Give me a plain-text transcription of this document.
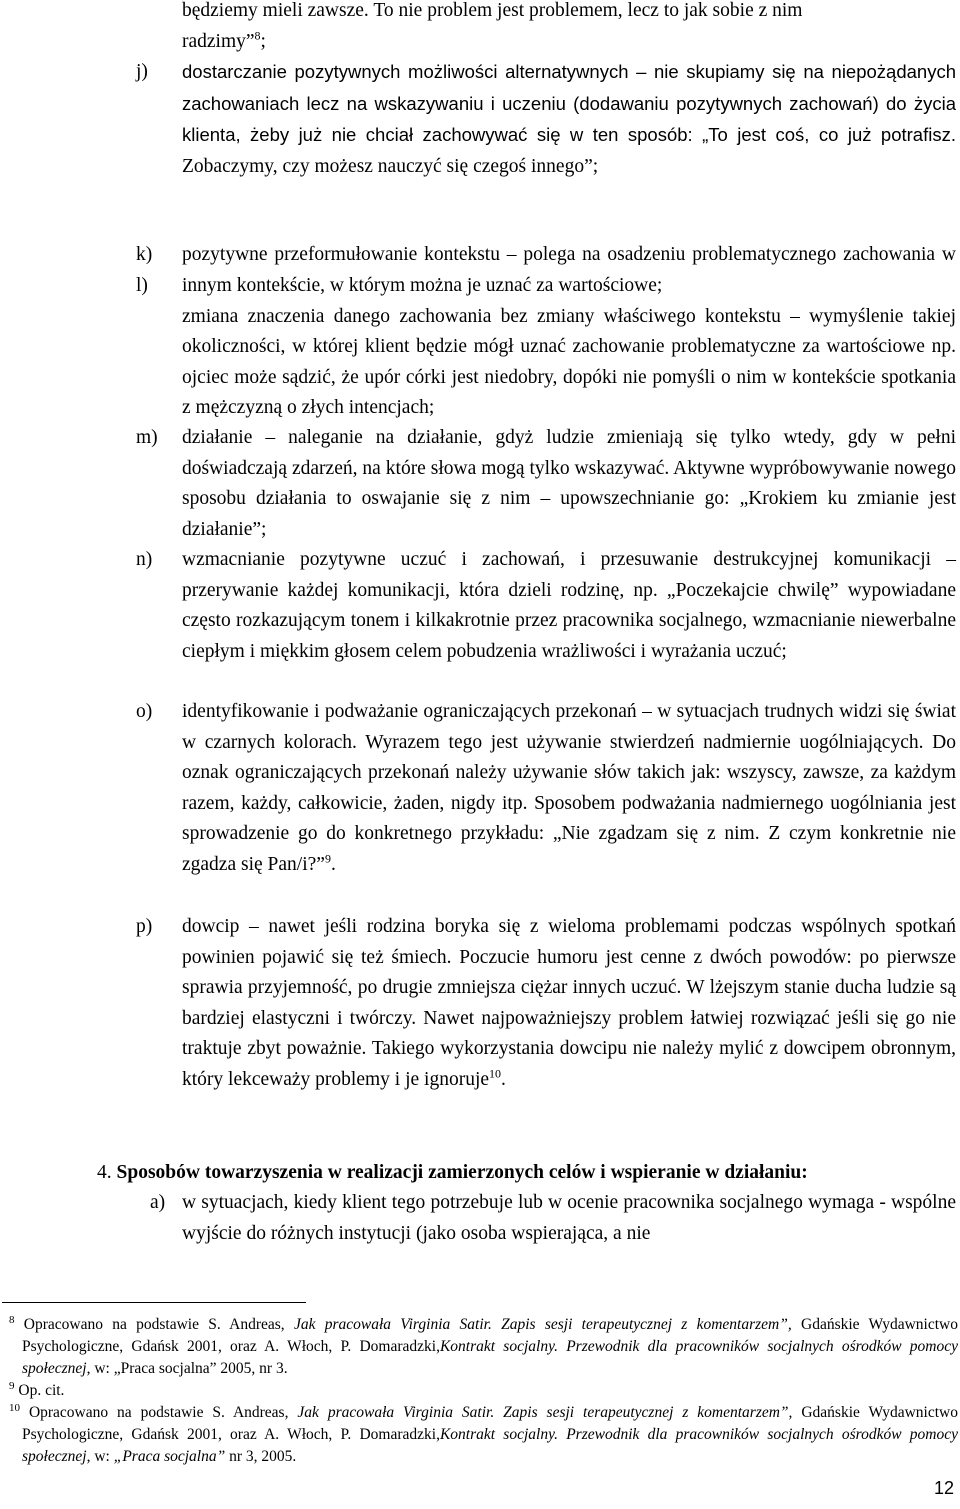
będziemy mieli zawsze. To nie problem jest problemem, lecz to jak sobie z nim
radzimy”$^8$;
j) dostarczanie pozytywnych możliwości alternatywnych – nie skupiamy się na niepożądanych zachowaniach lecz na wskazywaniu i uczeniu (dodawaniu pozytywnych zachowań) do życia klienta, żeby już nie chciał zachowywać się w ten sposób: „To jest coś, co już potrafisz. Zobaczymy, czy możesz nauczyć się czegoś innego”;
k) pozytywne przeformułowanie kontekstu – polega na osadzeniu problematycznego zachowania w innym kontekście, w którym można je uznać za wartościowe;
l)
zmiana znaczenia danego zachowania bez zmiany właściwego kontekstu – wymyślenie takiej okoliczności, w której klient będzie mógł uznać zachowanie problematyczne za wartościowe np. ojciec może sądzić, że upór córki jest niedobry, dopóki nie pomyśli o nim w kontekście spotkania z mężczyzną o złych intencjach;
m) działanie – naleganie na działanie, gdyż ludzie zmieniają się tylko wtedy, gdy w pełni doświadczają zdarzeń, na które słowa mogą tylko wskazywać. Aktywne wypróbowywanie nowego sposobu działania to oswajanie się z nim – upowszechnianie go: „Krokiem ku zmianie jest działanie”;
n) wzmacnianie pozytywne uczuć i zachowań, i przesuwanie destrukcyjnej komunikacji – przerywanie każdej komunikacji, która dzieli rodzinę, np. „Poczekajcie chwilę” wypowiadane często rozkazującym tonem i kilkakrotnie przez pracownika socjalnego, wzmacnianie niewerbalne ciepłym i miękkim głosem celem pobudzenia wrażliwości i wyrażania uczuć;
o) identyfikowanie i podważanie ograniczających przekonań – w sytuacjach trudnych widzi się świat w czarnych kolorach. Wyrazem tego jest używanie stwierdzeń nadmiernie uogólniających. Do oznak ograniczających przekonań należy używanie słów takich jak: wszyscy, zawsze, za każdym razem, każdy, całkowicie, żaden, nigdy itp. Sposobem podważania nadmiernego uogólniania jest sprowadzenie go do konkretnego przykładu: „Nie zgadzam się z nim. Z czym konkretnie nie zgadza się Pan/i?”$^9$.
p) dowcip – nawet jeśli rodzina boryka się z wieloma problemami podczas wspólnych spotkań powinien pojawić się też śmiech. Poczucie humoru jest cenne z dwóch powodów: po pierwsze sprawia przyjemność, po drugie zmniejsza ciężar innych uczuć. W lżejszym stanie ducha ludzie są bardziej elastyczni i twórczy. Nawet najpoważniejszy problem łatwiej rozwiązać jeśli się go nie traktuje zbyt poważnie. Takiego wykorzystania dowcipu nie należy mylić z dowcipem obronnym, który lekceważy problemy i je ignoruje$^{10}$.
4. Sposobów towarzyszenia w realizacji zamierzonych celów i wspieranie w działaniu:
a) w sytuacjach, kiedy klient tego potrzebuje lub w ocenie pracownika socjalnego wymaga - wspólne wyjście do różnych instytucji (jako osoba wspierająca, a nie
$^8$ Opracowano na podstawie S. Andreas, Jak pracowała Virginia Satir. Zapis sesji terapeutycznej z komentarzem”, Gdańskie Wydawnictwo Psychologiczne, Gdańsk 2001, oraz A. Włoch, P. Domaradzki,Kontrakt socjalny. Przewodnik dla pracowników socjalnych ośrodków pomocy społecznej, w: „Praca socjalna” 2005, nr 3.
$^9$ Op. cit.
$^{10}$ Opracowano na podstawie S. Andreas, Jak pracowała Virginia Satir. Zapis sesji terapeutycznej z komentarzem”, Gdańskie Wydawnictwo Psychologiczne, Gdańsk 2001, oraz A. Włoch, P. Domaradzki,Kontrakt socjalny. Przewodnik dla pracowników socjalnych ośrodków pomocy społecznej, w: „Praca socjalna” nr 3, 2005.
12
